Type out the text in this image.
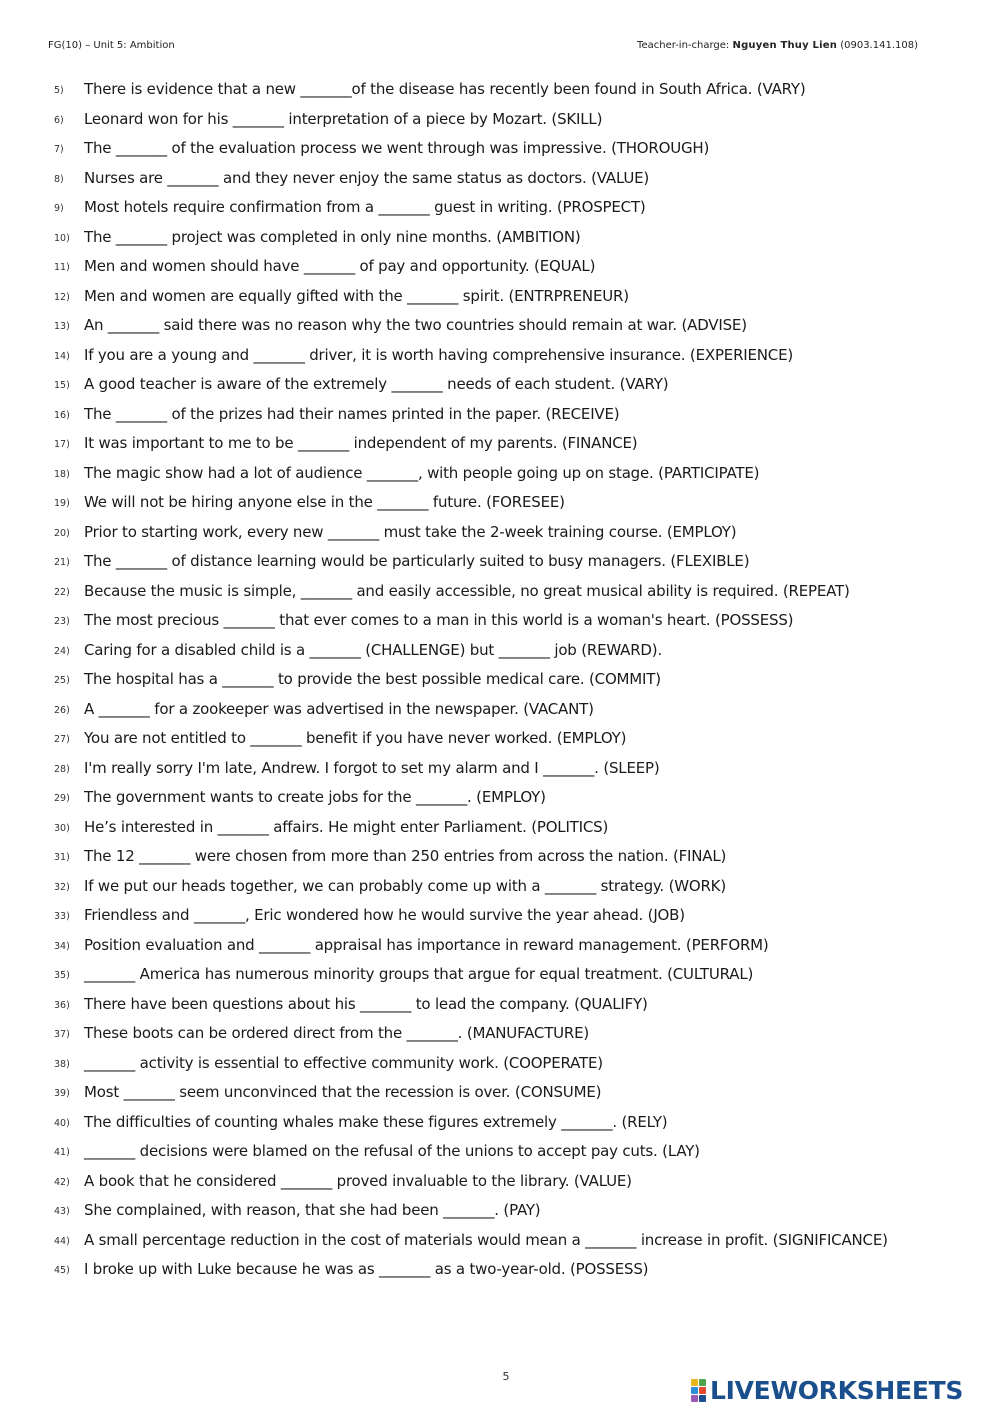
FG(10) – Unit 5: Ambition	Teacher-in-charge: Nguyen Thuy Lien (0903.141.108)
5) There is evidence that a new _______of the disease has recently been found in South Africa. (VARY)
6) Leonard won for his _______ interpretation of a piece by Mozart. (SKILL)
7) The _______ of the evaluation process we went through was impressive. (THOROUGH)
8) Nurses are _______ and they never enjoy the same status as doctors. (VALUE)
9) Most hotels require confirmation from a _______ guest in writing. (PROSPECT)
10) The _______ project was completed in only nine months. (AMBITION)
11) Men and women should have _______ of pay and opportunity. (EQUAL)
12) Men and women are equally gifted with the _______ spirit. (ENTRPRENEUR)
13) An _______ said there was no reason why the two countries should remain at war. (ADVISE)
14) If you are a young and _______ driver, it is worth having comprehensive insurance. (EXPERIENCE)
15) A good teacher is aware of the extremely _______ needs of each student. (VARY)
16) The _______ of the prizes had their names printed in the paper. (RECEIVE)
17) It was important to me to be _______ independent of my parents. (FINANCE)
18) The magic show had a lot of audience _______, with people going up on stage. (PARTICIPATE)
19) We will not be hiring anyone else in the _______ future. (FORESEE)
20) Prior to starting work, every new _______ must take the 2-week training course. (EMPLOY)
21) The _______ of distance learning would be particularly suited to busy managers. (FLEXIBLE)
22) Because the music is simple, _______ and easily accessible, no great musical ability is required. (REPEAT)
23) The most precious _______ that ever comes to a man in this world is a woman's heart. (POSSESS)
24) Caring for a disabled child is a _______ (CHALLENGE) but _______ job (REWARD).
25) The hospital has a _______ to provide the best possible medical care. (COMMIT)
26) A _______ for a zookeeper was advertised in the newspaper. (VACANT)
27) You are not entitled to _______ benefit if you have never worked. (EMPLOY)
28) I'm really sorry I'm late, Andrew. I forgot to set my alarm and I _______. (SLEEP)
29) The government wants to create jobs for the _______. (EMPLOY)
30) He’s interested in _______ affairs. He might enter Parliament. (POLITICS)
31) The 12 _______ were chosen from more than 250 entries from across the nation. (FINAL)
32) If we put our heads together, we can probably come up with a _______ strategy. (WORK)
33) Friendless and _______, Eric wondered how he would survive the year ahead. (JOB)
34) Position evaluation and _______ appraisal has importance in reward management. (PERFORM)
35) _______ America has numerous minority groups that argue for equal treatment. (CULTURAL)
36) There have been questions about his _______ to lead the company. (QUALIFY)
37) These boots can be ordered direct from the _______. (MANUFACTURE)
38) _______ activity is essential to effective community work. (COOPERATE)
39) Most _______ seem unconvinced that the recession is over. (CONSUME)
40) The difficulties of counting whales make these figures extremely _______. (RELY)
41) _______ decisions were blamed on the refusal of the unions to accept pay cuts. (LAY)
42) A book that he considered _______ proved invaluable to the library. (VALUE)
43) She complained, with reason, that she had been _______. (PAY)
44) A small percentage reduction in the cost of materials would mean a _______ increase in profit. (SIGNIFICANCE)
45) I broke up with Luke because he was as _______ as a two-year-old. (POSSESS)
5	LIVEWORKSHEETS
